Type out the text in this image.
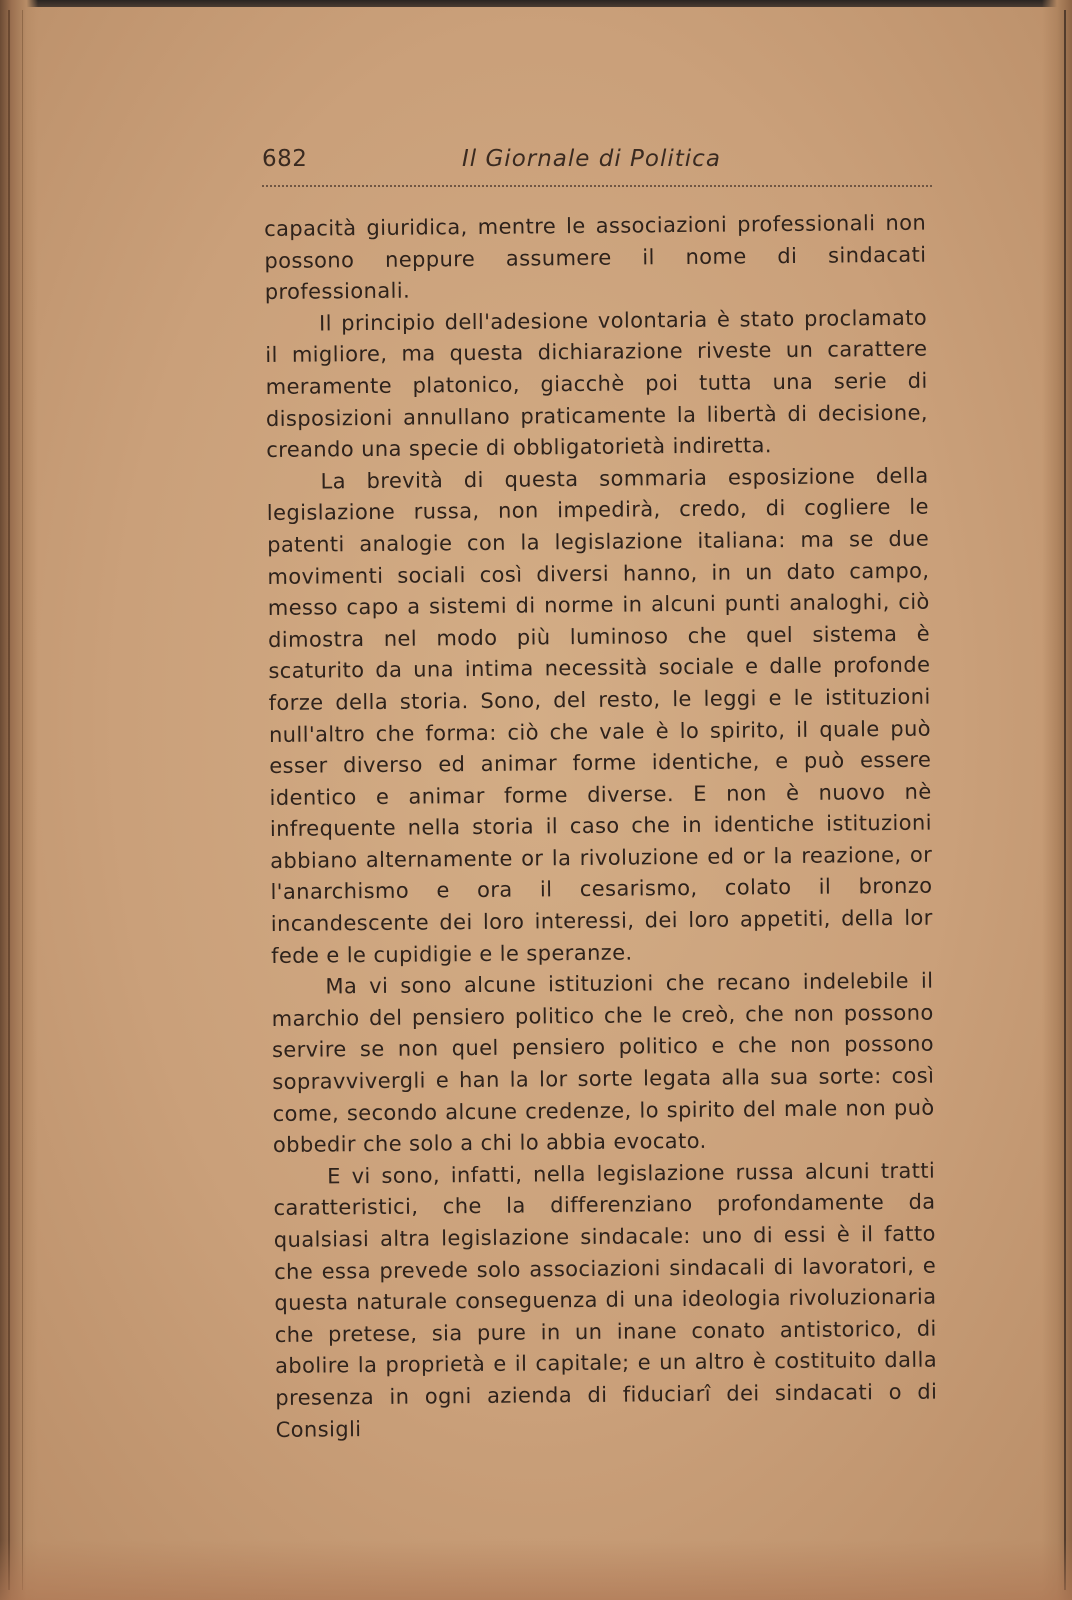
682	Il Giornale di Politica

capacità giuridica, mentre le associazioni professionali non possono neppure assumere il nome di sindacati professionali.

Il principio dell'adesione volontaria è stato proclamato il migliore, ma questa dichiarazione riveste un carattere meramente platonico, giacchè poi tutta una serie di disposizioni annullano praticamente la libertà di decisione, creando una specie di obbligatorietà indiretta.

La brevità di questa sommaria esposizione della legislazione russa, non impedirà, credo, di cogliere le patenti analogie con la legislazione italiana: ma se due movimenti sociali così diversi hanno, in un dato campo, messo capo a sistemi di norme in alcuni punti analoghi, ciò dimostra nel modo più luminoso che quel sistema è scaturito da una intima necessità sociale e dalle profonde forze della storia. Sono, del resto, le leggi e le istituzioni null'altro che forma: ciò che vale è lo spirito, il quale può esser diverso ed animar forme identiche, e può essere identico e animar forme diverse. E non è nuovo nè infrequente nella storia il caso che in identiche istituzioni abbiano alternamente or la rivoluzione ed or la reazione, or l'anarchismo e ora il cesarismo, colato il bronzo incandescente dei loro interessi, dei loro appetiti, della lor fede e le cupidigie e le speranze.

Ma vi sono alcune istituzioni che recano indelebile il marchio del pensiero politico che le creò, che non possono servire se non quel pensiero politico e che non possono sopravvivergli e han la lor sorte legata alla sua sorte: così come, secondo alcune credenze, lo spirito del male non può obbedir che solo a chi lo abbia evocato.

E vi sono, infatti, nella legislazione russa alcuni tratti caratteristici, che la differenziano profondamente da qualsiasi altra legislazione sindacale: uno di essi è il fatto che essa prevede solo associazioni sindacali di lavoratori, e questa naturale conseguenza di una ideologia rivoluzionaria che pretese, sia pure in un inane conato antistorico, di abolire la proprietà e il capitale; e un altro è costituito dalla presenza in ogni azienda di fiduciarî dei sindacati o di Consigli
